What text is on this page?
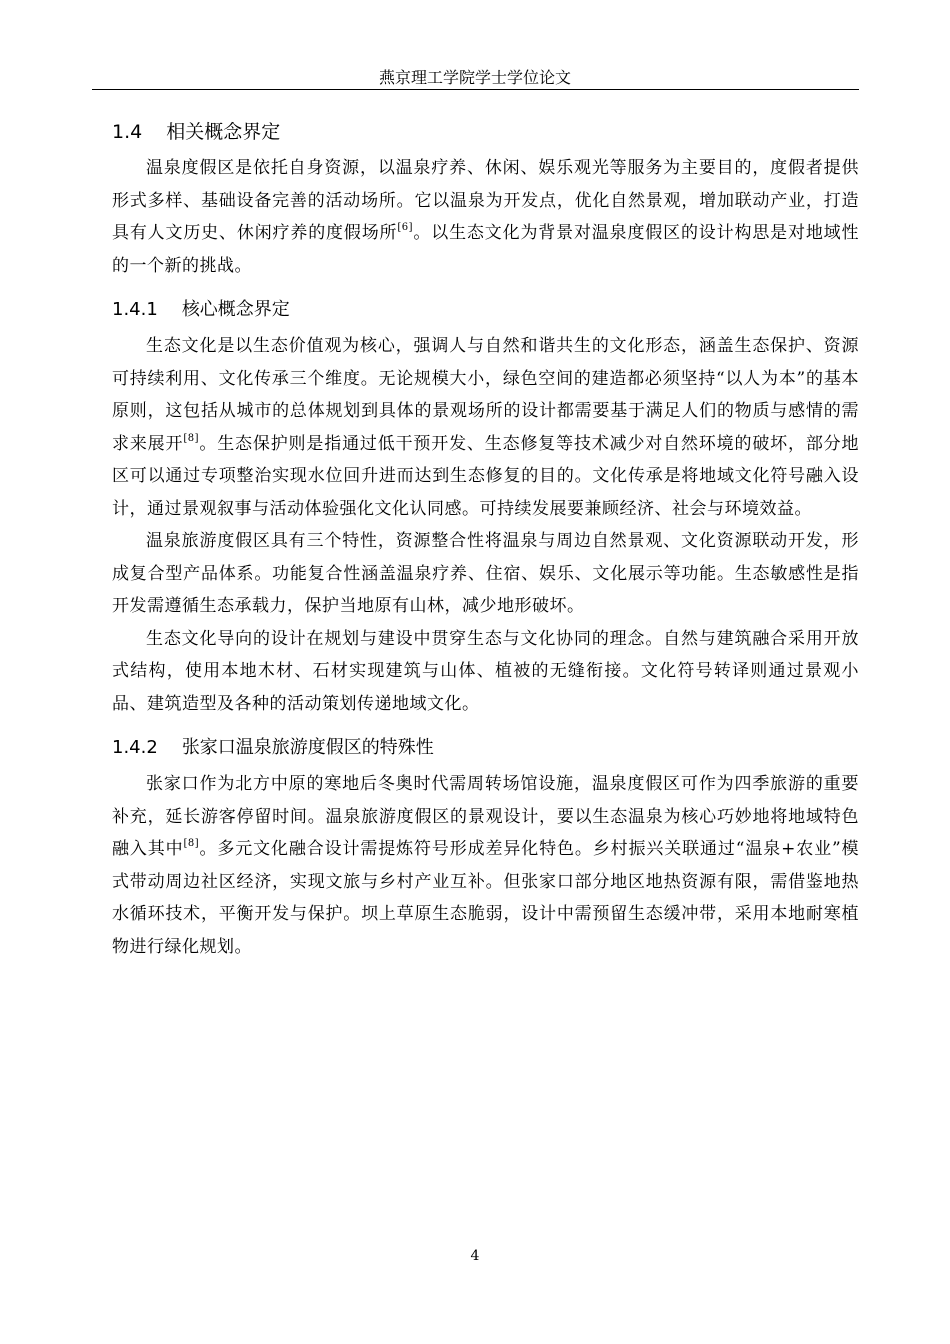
燕京理工学院学士学位论文
1.4 相关概念界定

温泉度假区是依托自身资源，以温泉疗养、休闲、娱乐观光等服务为主要目的，度假者提供形式多样、基础设备完善的活动场所。它以温泉为开发点，优化自然景观，增加联动产业，打造具有人文历史、休闲疗养的度假场所[6]。以生态文化为背景对温泉度假区的设计构思是对地域性的一个新的挑战。

1.4.1 核心概念界定

生态文化是以生态价值观为核心，强调人与自然和谐共生的文化形态，涵盖生态保护、资源可持续利用、文化传承三个维度。无论规模大小，绿色空间的建造都必须坚持“以人为本”的基本原则，这包括从城市的总体规划到具体的景观场所的设计都需要基于满足人们的物质与感情的需求来展开[8]。生态保护则是指通过低干预开发、生态修复等技术减少对自然环境的破坏，部分地区可以通过专项整治实现水位回升进而达到生态修复的目的。文化传承是将地域文化符号融入设计，通过景观叙事与活动体验强化文化认同感。可持续发展要兼顾经济、社会与环境效益。

温泉旅游度假区具有三个特性，资源整合性将温泉与周边自然景观、文化资源联动开发，形成复合型产品体系。功能复合性涵盖温泉疗养、住宿、娱乐、文化展示等功能。生态敏感性是指开发需遵循生态承载力，保护当地原有山林，减少地形破坏。

生态文化导向的设计在规划与建设中贯穿生态与文化协同的理念。自然与建筑融合采用开放式结构，使用本地木材、石材实现建筑与山体、植被的无缝衔接。文化符号转译则通过景观小品、建筑造型及各种的活动策划传递地域文化。

1.4.2 张家口温泉旅游度假区的特殊性

张家口作为北方中原的寒地后冬奥时代需周转场馆设施，温泉度假区可作为四季旅游的重要补充，延长游客停留时间。温泉旅游度假区的景观设计，要以生态温泉为核心巧妙地将地域特色融入其中[8]。多元文化融合设计需提炼符号形成差异化特色。乡村振兴关联通过“温泉+农业”模式带动周边社区经济，实现文旅与乡村产业互补。但张家口部分地区地热资源有限，需借鉴地热水循环技术，平衡开发与保护。坝上草原生态脆弱，设计中需预留生态缓冲带，采用本地耐寒植物进行绿化规划。

4
